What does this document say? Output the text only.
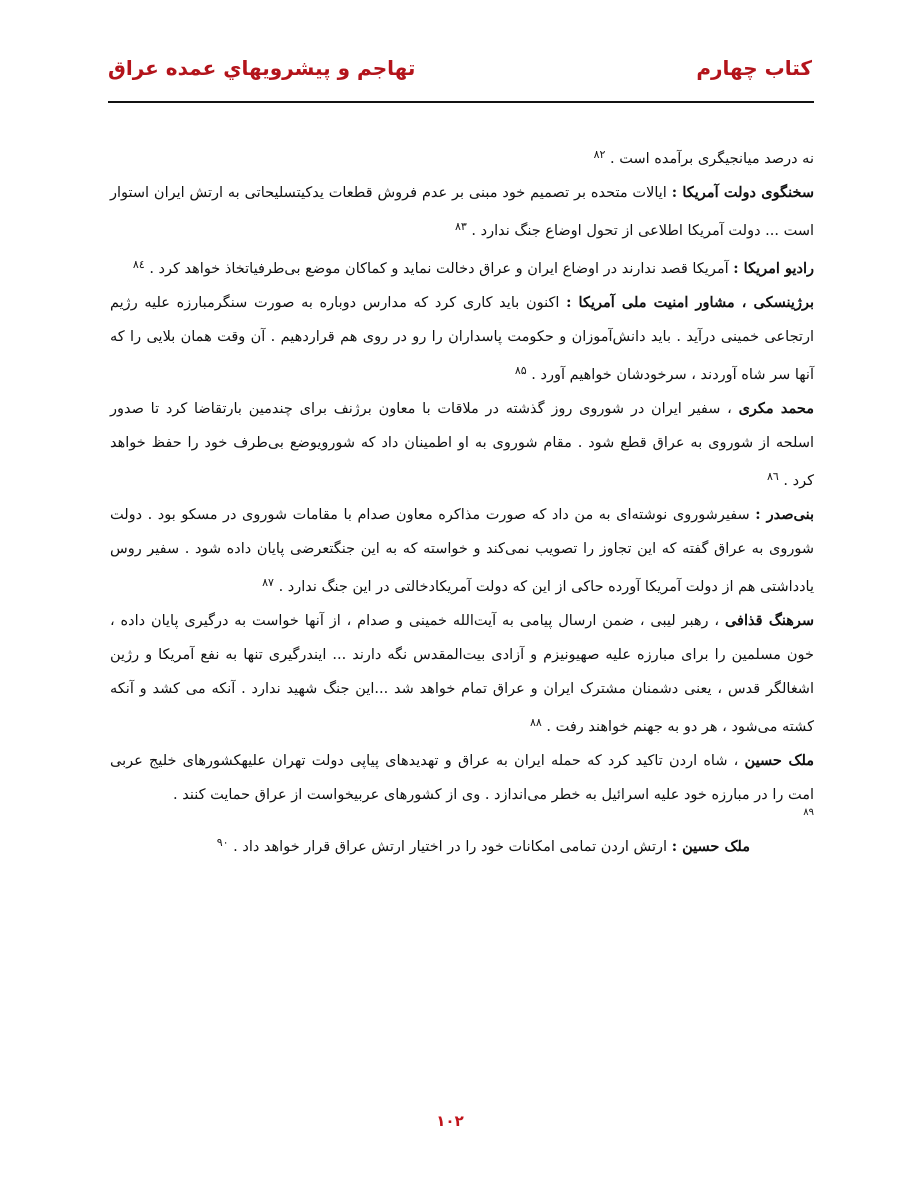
کتاب چهارم
تهاجم و پیشرویهاي عمده عراق

نه درصد میانجیگری برآمده است . $^{۸۲}$

سخنگوی دولت آمریکا : ایالات متحده بر تصمیم خود مبنی بر عدم فروش قطعات یدکیتسلیحاتی به ارتش ایران استوار است ... دولت آمریکا اطلاعی از تحول اوضاع جنگ ندارد . $^{۸۳}$

رادیو امریکا : آمریکا قصد ندارند در اوضاع ایران و عراق دخالت نماید و کماکان موضع بی‌طرفیاتخاذ خواهد کرد . $^{۸٤}$

برژینسکی ، مشاور امنیت ملی آمریکا : اکنون باید کاری کرد که مدارس دوباره به صورت سنگرمبارزه علیه رژیم ارتجاعی خمینی درآید . باید دانش‌آموزان و حکومت پاسداران را رو در روی هم قراردهیم . آن وقت همان بلایی را که آنها سر شاه آوردند ، سرخودشان خواهیم آورد . $^{۸۵}$

محمد مکری ، سفیر ایران در شوروی روز گذشته در ملاقات با معاون برژنف برای چندمین بارتقاضا کرد تا صدور اسلحه از شوروی به عراق قطع شود . مقام شوروی به او اطمینان داد که شورویوضع بی‌طرف خود را حفظ خواهد کرد . $^{۸٦}$

بنی‌صدر : سفیرشوروی نوشته‌ای به من داد که صورت مذاکره معاون صدام با مقامات شوروی در مسکو بود . دولت شوروی به عراق گفته که این تجاوز را تصویب نمی‌کند و خواسته که به این جنگتعرضی پایان داده شود . سفیر روس یادداشتی هم از دولت آمریکا آورده حاکی از این که دولت آمریکادخالتی در این جنگ ندارد . $^{۸۷}$

سرهنگ قذافی ، رهبر لیبی ، ضمن ارسال پیامی به آیت‌الله خمینی و صدام ، از آنها خواست به درگیری پایان داده ، خون مسلمین را برای مبارزه علیه صهیونیزم و آزادی بیت‌المقدس نگه دارند ... ایندرگیری تنها به نفع آمریکا و رژین اشغالگر قدس ، یعنی دشمنان مشترک ایران و عراق تمام خواهد شد ...این جنگ شهید ندارد . آنکه می کشد و آنکه کشته می‌شود ، هر دو به جهنم خواهند رفت . $^{۸۸}$

ملک حسین ، شاه اردن تاکید کرد که حمله ایران به عراق و تهدیدهای پیاپی دولت تهران علیهکشورهای خلیج عربی امت را در مبارزه خود علیه اسرائیل به خطر می‌اندازد . وی از کشورهای عربیخواست از عراق حمایت کنند .

۸۹

ملک حسین : ارتش اردن تمامی امکانات خود را در اختیار ارتش عراق قرار خواهد داد . $^{۹۰}$

۱۰۲
